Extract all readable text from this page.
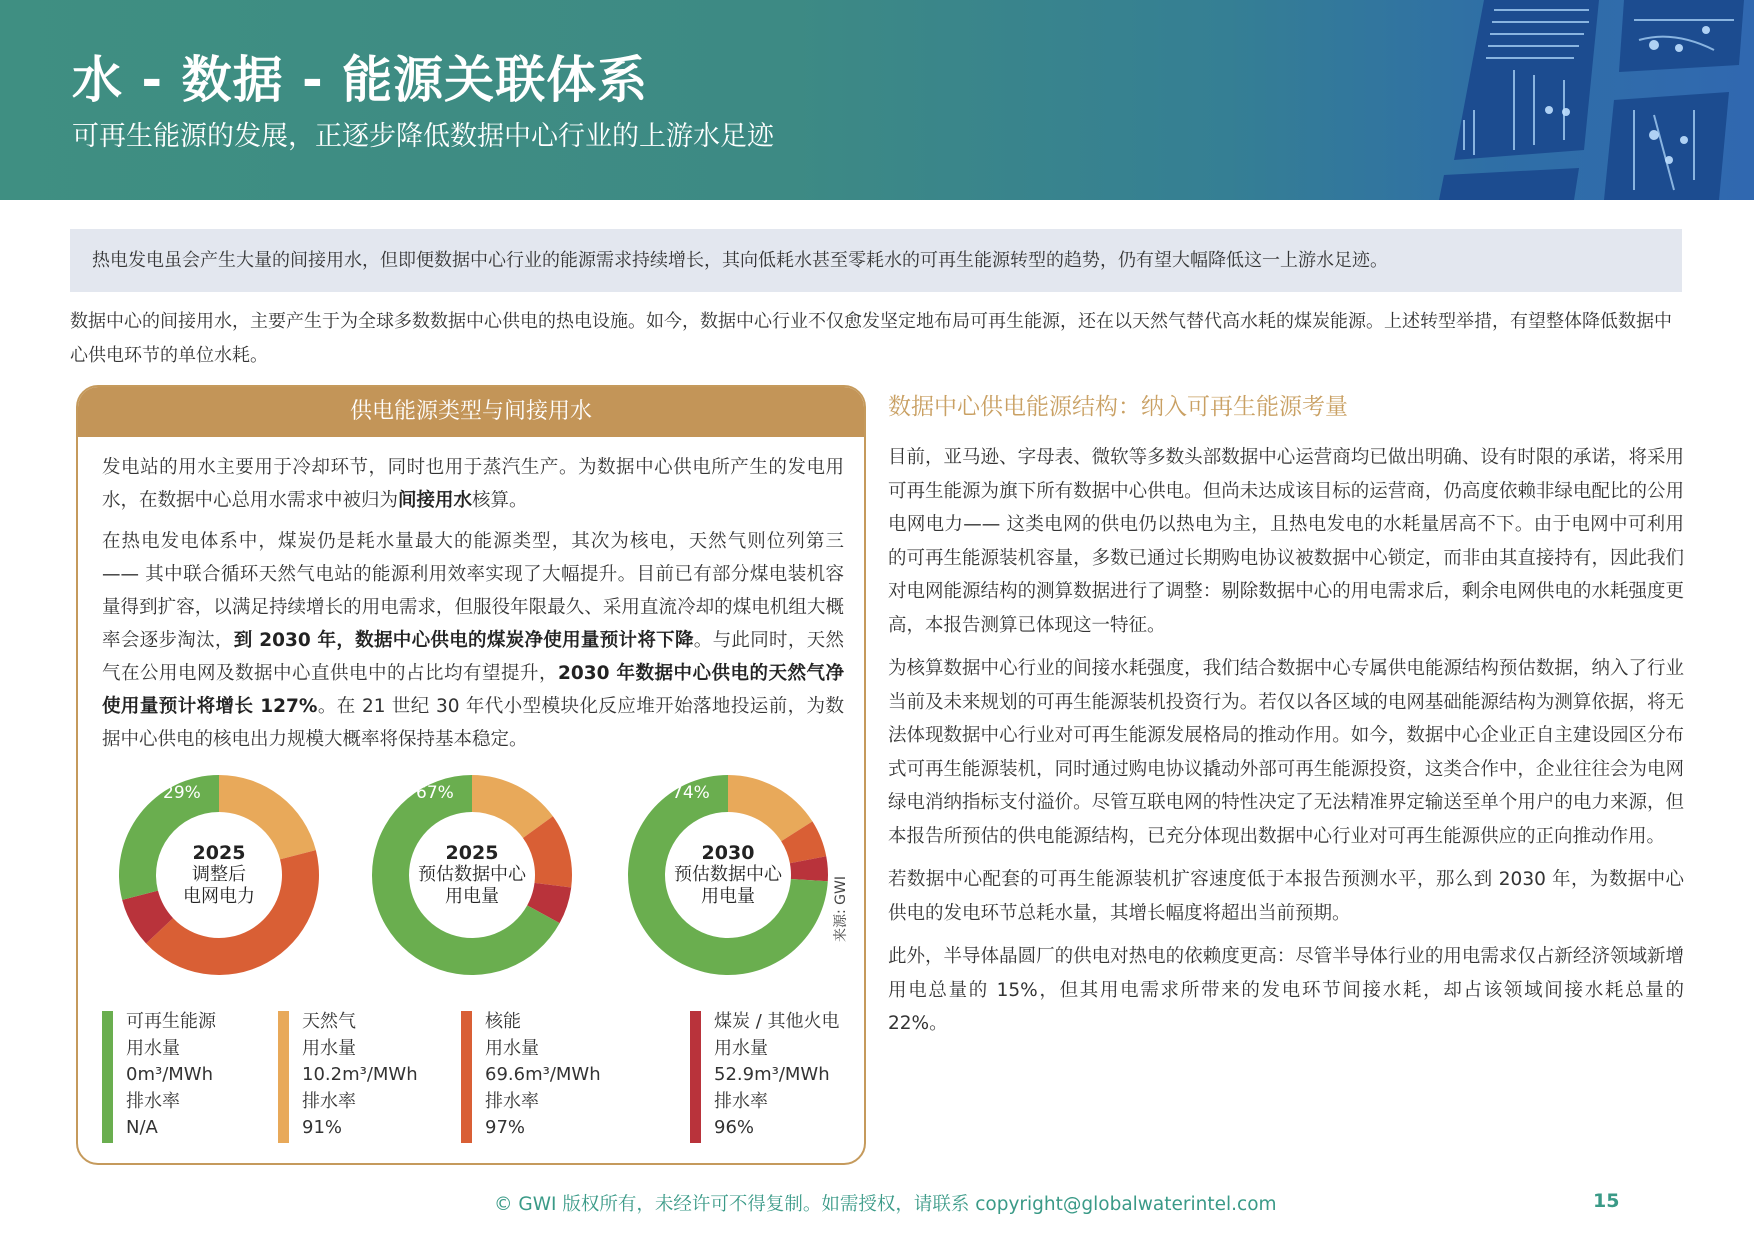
水 - 数据 - 能源关联体系
可再生能源的发展，正逐步降低数据中心行业的上游水足迹
热电发电虽会产生大量的间接用水，但即便数据中心行业的能源需求持续增长，其向低耗水甚至零耗水的可再生能源转型的趋势，仍有望大幅降低这一上游水足迹。
数据中心的间接用水，主要产生于为全球多数数据中心供电的热电设施。如今，数据中心行业不仅愈发坚定地布局可再生能源，还在以天然气替代高水耗的煤炭能源。上述转型举措，有望整体降低数据中心供电环节的单位水耗。
供电能源类型与间接用水

发电站的用水主要用于冷却环节，同时也用于蒸汽生产。为数据中心供电所产生的发电用水，在数据中心总用水需求中被归为间接用水核算。

在热电发电体系中，煤炭仍是耗水量最大的能源类型，其次为核电，天然气则位列第三 —— 其中联合循环天然气电站的能源利用效率实现了大幅提升。目前已有部分煤电装机容量得到扩容，以满足持续增长的用电需求，但服役年限最久、采用直流冷却的煤电机组大概率会逐步淘汰，到 2030 年，数据中心供电的煤炭净使用量预计将下降。与此同时，天然气在公用电网及数据中心直供电中的占比均有望提升，2030 年数据中心供电的天然气净使用量预计将增长 127%。在 21 世纪 30 年代小型模块化反应堆开始落地投运前，为数据中心供电的核电出力规模大概率将保持基本稳定。

29%
2025
调整后
电网电力
67%
2025
预估数据中心
用电量
74%
2030
预估数据中心
用电量	来源: GWI
可再生能源
用水量
0m³/MWh
排水率
N/A
天然气
用水量
10.2m³/MWh
排水率
91%
核能
用水量
69.6m³/MWh
排水率
97%
煤炭 / 其他火电
用水量
52.9m³/MWh
排水率
96%
数据中心供电能源结构：纳入可再生能源考量

目前，亚马逊、字母表、微软等多数头部数据中心运营商均已做出明确、设有时限的承诺，将采用可再生能源为旗下所有数据中心供电。但尚未达成该目标的运营商，仍高度依赖非绿电配比的公用电网电力—— 这类电网的供电仍以热电为主，且热电发电的水耗量居高不下。由于电网中可利用的可再生能源装机容量，多数已通过长期购电协议被数据中心锁定，而非由其直接持有，因此我们对电网能源结构的测算数据进行了调整：剔除数据中心的用电需求后，剩余电网供电的水耗强度更高，本报告测算已体现这一特征。

为核算数据中心行业的间接水耗强度，我们结合数据中心专属供电能源结构预估数据，纳入了行业当前及未来规划的可再生能源装机投资行为。若仅以各区域的电网基础能源结构为测算依据，将无法体现数据中心行业对可再生能源发展格局的推动作用。如今，数据中心企业正自主建设园区分布式可再生能源装机，同时通过购电协议撬动外部可再生能源投资，这类合作中，企业往往会为电网绿电消纳指标支付溢价。尽管互联电网的特性决定了无法精准界定输送至单个用户的电力来源，但本报告所预估的供电能源结构，已充分体现出数据中心行业对可再生能源供应的正向推动作用。

若数据中心配套的可再生能源装机扩容速度低于本报告预测水平，那么到 2030 年，为数据中心供电的发电环节总耗水量，其增长幅度将超出当前预期。

此外，半导体晶圆厂的供电对热电的依赖度更高：尽管半导体行业的用电需求仅占新经济领域新增用电总量的 15%，但其用电需求所带来的发电环节间接水耗，却占该领域间接水耗总量的 22%。

© GWI 版权所有，未经许可不得复制。如需授权，请联系 copyright@globalwaterintel.com	15
